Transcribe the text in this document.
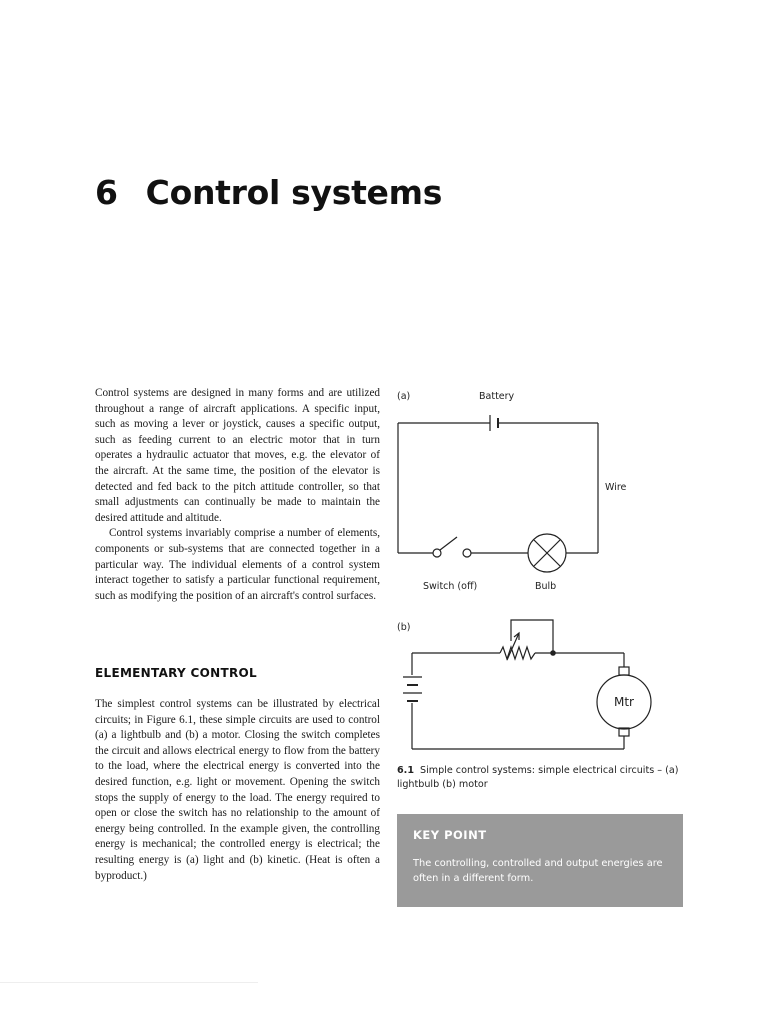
6 Control systems

Control systems are designed in many forms and are utilized throughout a range of aircraft applications. A specific input, such as moving a lever or joystick, causes a specific output, such as feeding current to an electric motor that in turn operates a hydraulic actuator that moves, e.g. the elevator of the aircraft. At the same time, the position of the elevator is detected and fed back to the pitch attitude controller, so that small adjustments can continually be made to maintain the desired attitude and altitude.

Control systems invariably comprise a number of elements, components or sub-systems that are connected together in a particular way. The individual elements of a control system interact together to satisfy a particular functional requirement, such as modifying the position of an aircraft's control surfaces.

ELEMENTARY CONTROL

The simplest control systems can be illustrated by electrical circuits; in Figure 6.1, these simple circuits are used to control (a) a lightbulb and (b) a motor. Closing the switch completes the circuit and allows electrical energy to flow from the battery to the load, where the electrical energy is converted into the desired function, e.g. light or movement. Opening the switch stops the supply of energy to the load. The energy required to open or close the switch has no relationship to the amount of energy being controlled. In the example given, the controlling energy is mechanical; the controlled energy is electrical; the resulting energy is (a) light and (b) kinetic. (Heat is often a byproduct.)

(a)	Battery
Wire
Switch (off)	Bulb
(b)
Mtr
6.1 Simple control systems: simple electrical circuits – (a) lightbulb (b) motor
KEY POINT
The controlling, controlled and output energies are often in a different form.
